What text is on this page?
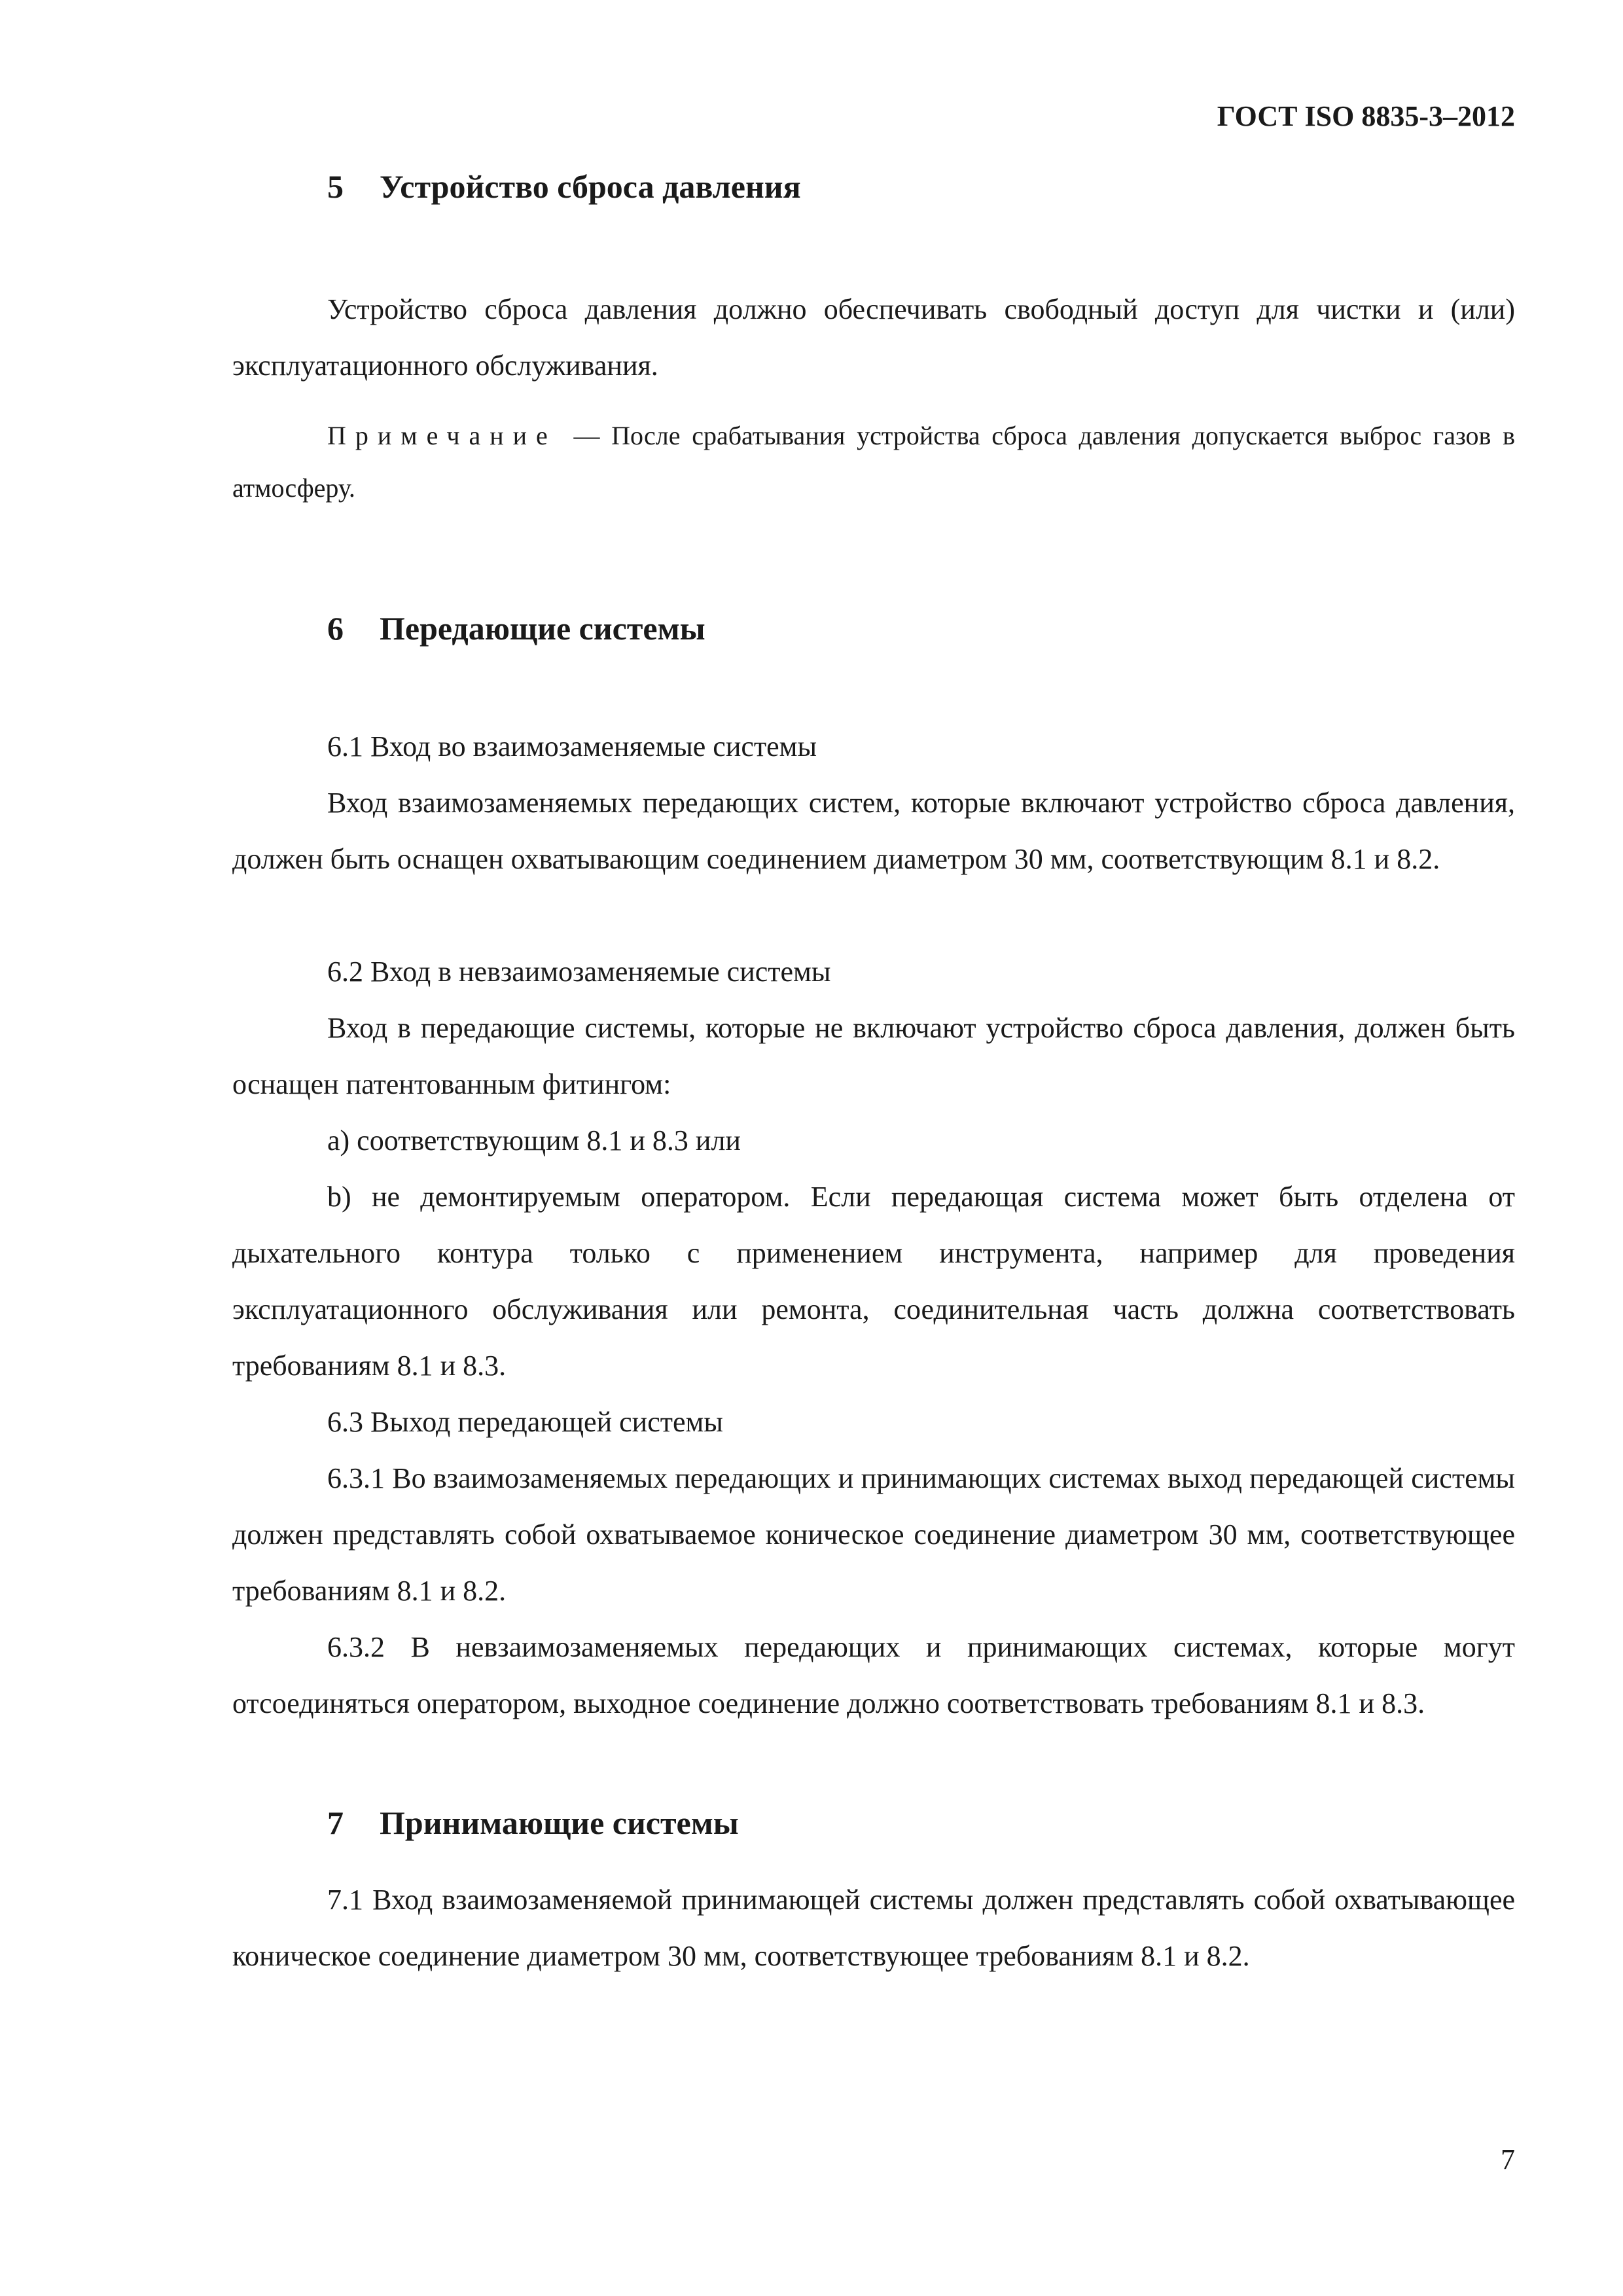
ГОСТ ISO 8835-3–2012
5 Устройство сброса давления

Устройство сброса давления должно обеспечивать свободный доступ для чистки и (или) эксплуатационного обслуживания.

Примечание — После срабатывания устройства сброса давления допускается выброс газов в атмосферу.

6 Передающие системы

6.1 Вход во взаимозаменяемые системы

Вход взаимозаменяемых передающих систем, которые включают устройство сброса давления, должен быть оснащен охватывающим соединением диаметром 30 мм, соответствующим 8.1 и 8.2.

6.2 Вход в невзаимозаменяемые системы

Вход в передающие системы, которые не включают устройство сброса давления, должен быть оснащен патентованным фитингом:

a) соответствующим 8.1 и 8.3 или

b) не демонтируемым оператором. Если передающая система может быть отделена от дыхательного контура только с применением инструмента, например для проведения эксплуатационного обслуживания или ремонта, соединительная часть должна соответствовать требованиям 8.1 и 8.3.

6.3 Выход передающей системы

6.3.1 Во взаимозаменяемых передающих и принимающих системах выход передающей системы должен представлять собой охватываемое коническое соединение диаметром 30 мм, соответствующее требованиям 8.1 и 8.2.

6.3.2 В невзаимозаменяемых передающих и принимающих системах, которые могут отсоединяться оператором, выходное соединение должно соответствовать требованиям 8.1 и 8.3.

7 Принимающие системы

7.1 Вход взаимозаменяемой принимающей системы должен представлять собой охватывающее коническое соединение диаметром 30 мм, соответствующее требованиям 8.1 и 8.2.

7
